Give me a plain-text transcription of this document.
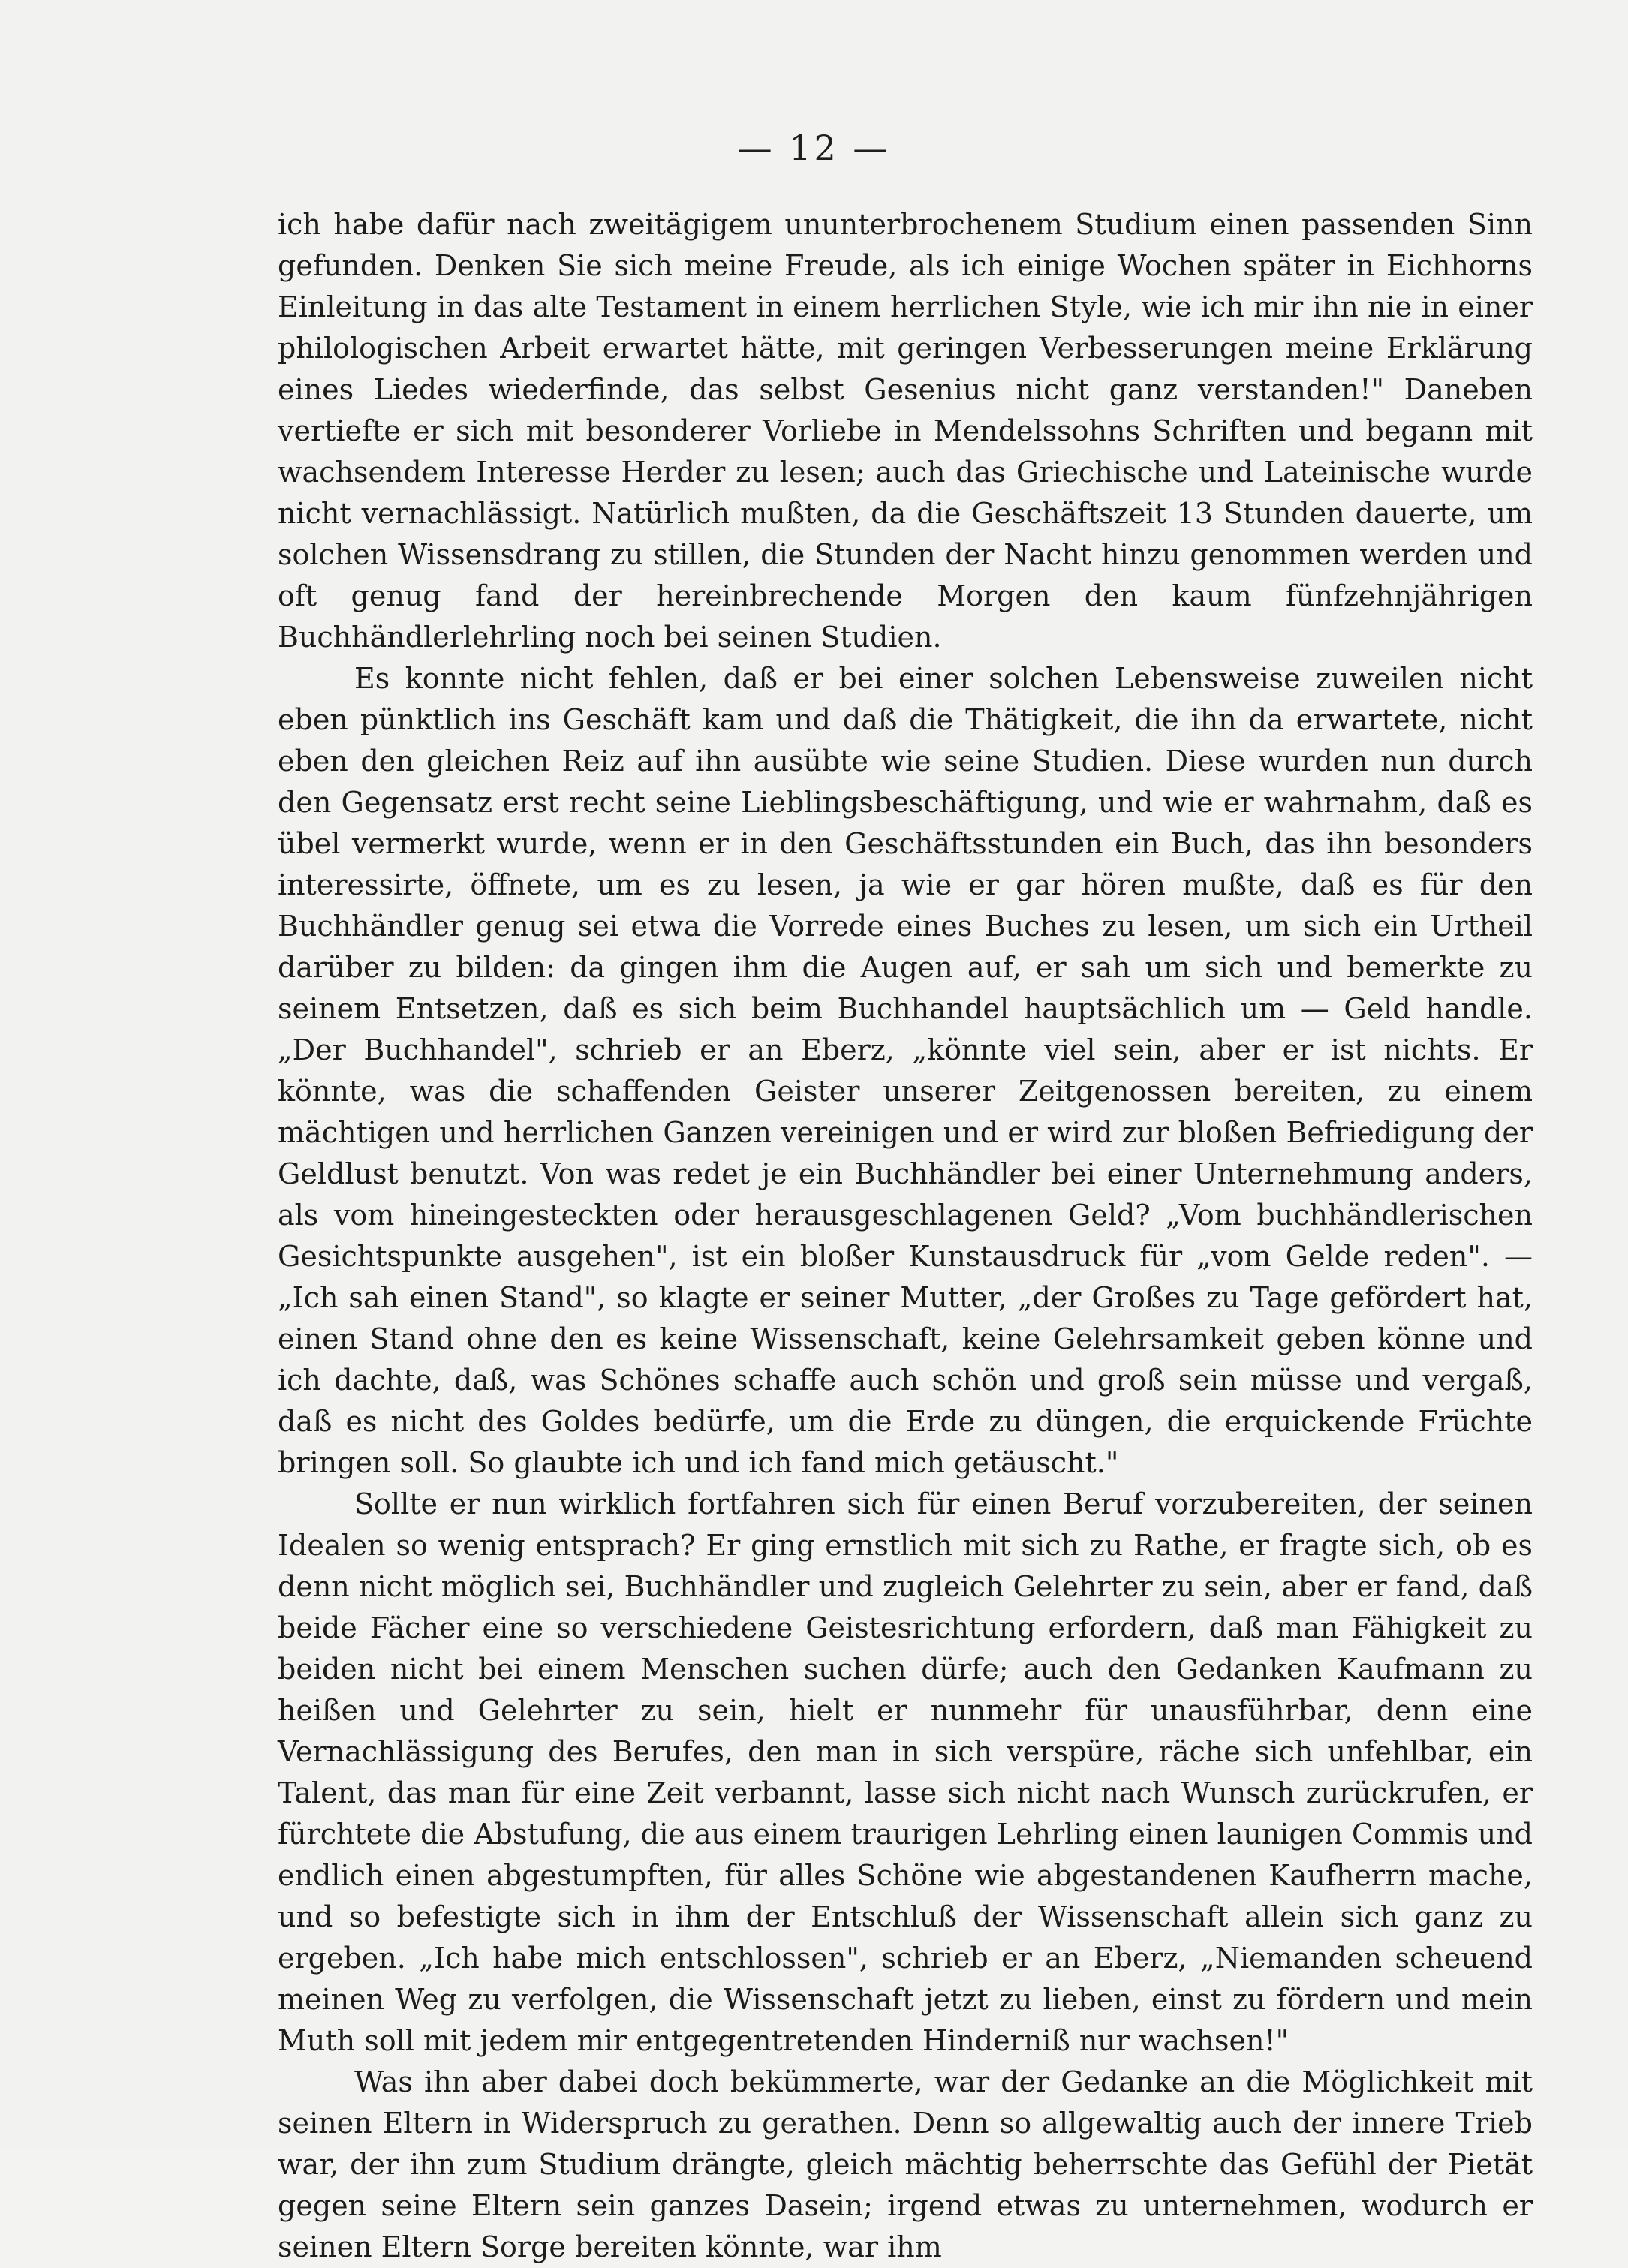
— 12 —

ich habe dafür nach zweitägigem ununterbrochenem Studium einen passenden Sinn gefunden. Denken Sie sich meine Freude, als ich einige Wochen später in Eichhorns Einleitung in das alte Testament in einem herrlichen Style, wie ich mir ihn nie in einer philologischen Arbeit erwartet hätte, mit geringen Verbesserungen meine Erklärung eines Liedes wiederfinde, das selbst Gesenius nicht ganz verstanden!" Daneben vertiefte er sich mit besonderer Vorliebe in Mendelssohns Schriften und begann mit wachsendem Interesse Herder zu lesen; auch das Griechische und Lateinische wurde nicht vernachlässigt. Natürlich mußten, da die Geschäftszeit 13 Stunden dauerte, um solchen Wissensdrang zu stillen, die Stunden der Nacht hinzu genommen werden und oft genug fand der hereinbrechende Morgen den kaum fünfzehnjährigen Buchhändlerlehrling noch bei seinen Studien.

Es konnte nicht fehlen, daß er bei einer solchen Lebensweise zuweilen nicht eben pünktlich ins Geschäft kam und daß die Thätigkeit, die ihn da erwartete, nicht eben den gleichen Reiz auf ihn ausübte wie seine Studien. Diese wurden nun durch den Gegensatz erst recht seine Lieblingsbeschäftigung, und wie er wahrnahm, daß es übel vermerkt wurde, wenn er in den Geschäftsstunden ein Buch, das ihn besonders interessirte, öffnete, um es zu lesen, ja wie er gar hören mußte, daß es für den Buchhändler genug sei etwa die Vorrede eines Buches zu lesen, um sich ein Urtheil darüber zu bilden: da gingen ihm die Augen auf, er sah um sich und bemerkte zu seinem Entsetzen, daß es sich beim Buchhandel hauptsächlich um — Geld handle. „Der Buchhandel", schrieb er an Eberz, „könnte viel sein, aber er ist nichts. Er könnte, was die schaffenden Geister unserer Zeitgenossen bereiten, zu einem mächtigen und herrlichen Ganzen vereinigen und er wird zur bloßen Befriedigung der Geldlust benutzt. Von was redet je ein Buchhändler bei einer Unternehmung anders, als vom hineingesteckten oder herausgeschlagenen Geld? „Vom buchhändlerischen Gesichtspunkte ausgehen", ist ein bloßer Kunstausdruck für „vom Gelde reden". — „Ich sah einen Stand", so klagte er seiner Mutter, „der Großes zu Tage gefördert hat, einen Stand ohne den es keine Wissenschaft, keine Gelehrsamkeit geben könne und ich dachte, daß, was Schönes schaffe auch schön und groß sein müsse und vergaß, daß es nicht des Goldes bedürfe, um die Erde zu düngen, die erquickende Früchte bringen soll. So glaubte ich und ich fand mich getäuscht."

Sollte er nun wirklich fortfahren sich für einen Beruf vorzubereiten, der seinen Idealen so wenig entsprach? Er ging ernstlich mit sich zu Rathe, er fragte sich, ob es denn nicht möglich sei, Buchhändler und zugleich Gelehrter zu sein, aber er fand, daß beide Fächer eine so verschiedene Geistesrichtung erfordern, daß man Fähigkeit zu beiden nicht bei einem Menschen suchen dürfe; auch den Gedanken Kaufmann zu heißen und Gelehrter zu sein, hielt er nunmehr für unausführbar, denn eine Vernachlässigung des Berufes, den man in sich verspüre, räche sich unfehlbar, ein Talent, das man für eine Zeit verbannt, lasse sich nicht nach Wunsch zurückrufen, er fürchtete die Abstufung, die aus einem traurigen Lehrling einen launigen Commis und endlich einen abgestumpften, für alles Schöne wie abgestandenen Kaufherrn mache, und so befestigte sich in ihm der Entschluß der Wissenschaft allein sich ganz zu ergeben. „Ich habe mich entschlossen", schrieb er an Eberz, „Niemanden scheuend meinen Weg zu verfolgen, die Wissenschaft jetzt zu lieben, einst zu fördern und mein Muth soll mit jedem mir entgegentretenden Hinderniß nur wachsen!"

Was ihn aber dabei doch bekümmerte, war der Gedanke an die Möglichkeit mit seinen Eltern in Widerspruch zu gerathen. Denn so allgewaltig auch der innere Trieb war, der ihn zum Studium drängte, gleich mächtig beherrschte das Gefühl der Pietät gegen seine Eltern sein ganzes Dasein; irgend etwas zu unternehmen, wodurch er seinen Eltern Sorge bereiten könnte, war ihm
